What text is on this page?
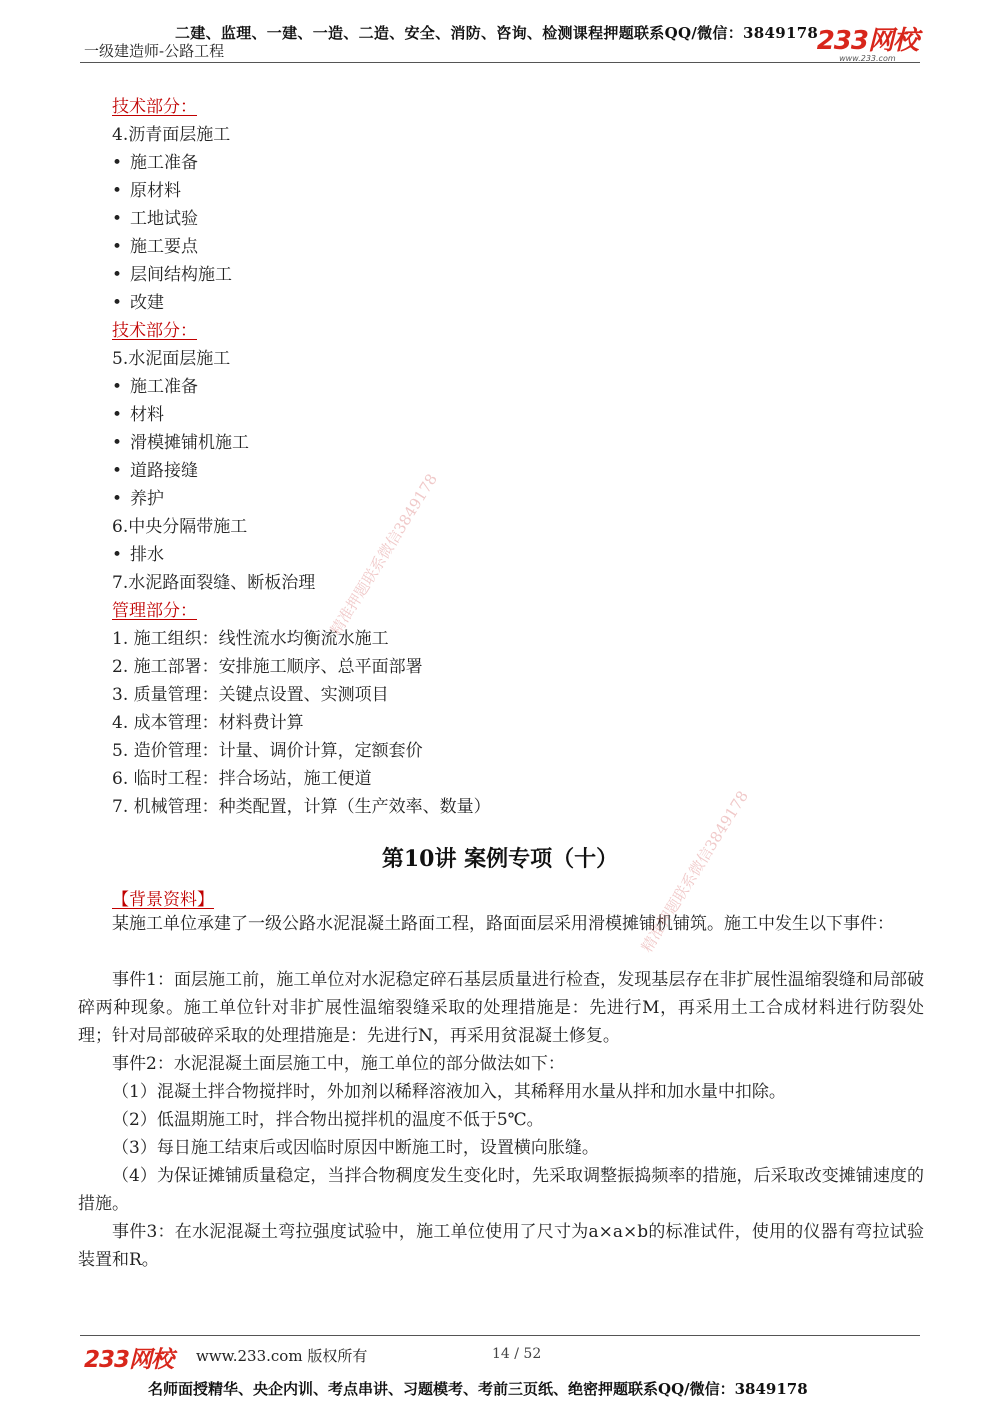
二建、监理、一建、一造、二造、安全、消防、咨询、检测课程押题联系QQ/微信：3849178
一级建造师-公路工程	233网校
www.233.com
技术部分：
4.沥青面层施工
• 施工准备
• 原材料
• 工地试验
• 施工要点
• 层间结构施工
• 改建
技术部分：
5.水泥面层施工
• 施工准备
• 材料
• 滑模摊铺机施工
• 道路接缝
• 养护
6.中央分隔带施工
• 排水
7.水泥路面裂缝、断板治理
管理部分：
1. 施工组织：线性流水均衡流水施工
2. 施工部署：安排施工顺序、总平面部署
3. 质量管理：关键点设置、实测项目
4. 成本管理：材料费计算
5. 造价管理：计量、调价计算，定额套价
6. 临时工程：拌合场站，施工便道
7. 机械管理：种类配置，计算（生产效率、数量）
第10讲 案例专项（十）
【背景资料】
某施工单位承建了一级公路水泥混凝土路面工程，路面面层采用滑模摊铺机铺筑。施工中发生以下事件：
事件1：面层施工前，施工单位对水泥稳定碎石基层质量进行检查，发现基层存在非扩展性温缩裂缝和局部破碎两种现象。施工单位针对非扩展性温缩裂缝采取的处理措施是：先进行M，再采用土工合成材料进行防裂处理；针对局部破碎采取的处理措施是：先进行N，再采用贫混凝土修复。
事件2：水泥混凝土面层施工中，施工单位的部分做法如下：
（1）混凝土拌合物搅拌时，外加剂以稀释溶液加入，其稀释用水量从拌和加水量中扣除。
（2）低温期施工时，拌合物出搅拌机的温度不低于5℃。
（3）每日施工结束后或因临时原因中断施工时，设置横向胀缝。
（4）为保证摊铺质量稳定，当拌合物稠度发生变化时，先采取调整振捣频率的措施，后采取改变摊铺速度的措施。
事件3：在水泥混凝土弯拉强度试验中，施工单位使用了尺寸为a×a×b的标准试件，使用的仪器有弯拉试验装置和R。
精准押题联系微信3849178
精准押题联系微信3849178
233网校 www.233.com 版权所有	14 / 52
名师面授精华、央企内训、考点串讲、习题模考、考前三页纸、绝密押题联系QQ/微信：3849178
